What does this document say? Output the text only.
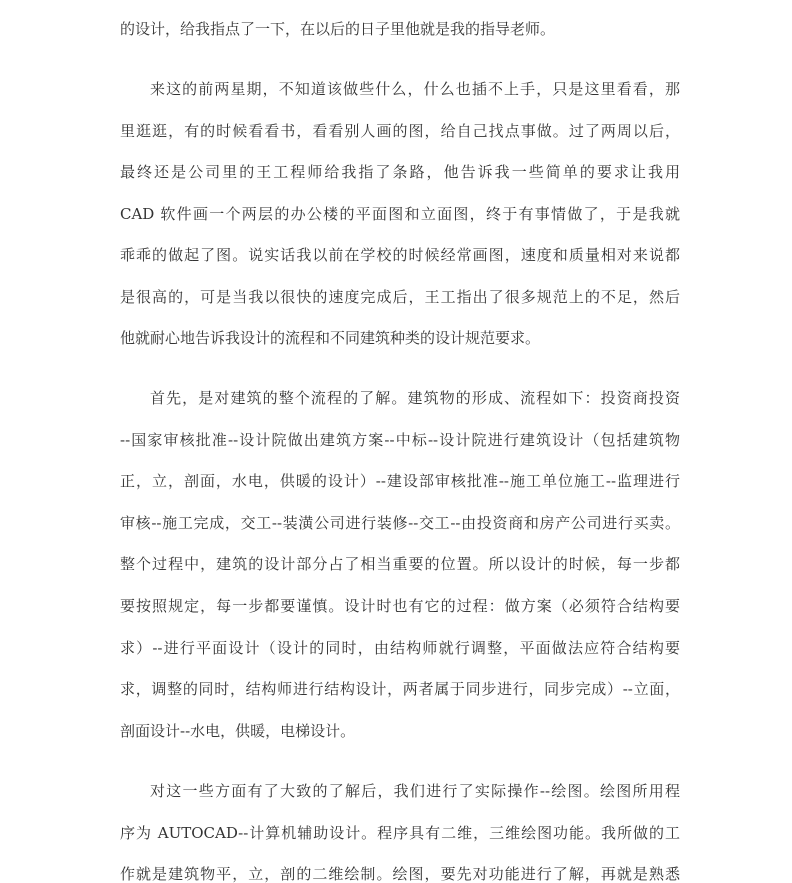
的设计，给我指点了一下，在以后的日子里他就是我的指导老师。
来这的前两星期，不知道该做些什么，什么也插不上手，只是这里看看，那
里逛逛，有的时候看看书，看看别人画的图，给自己找点事做。过了两周以后，
最终还是公司里的王工程师给我指了条路，他告诉我一些简单的要求让我用
CAD 软件画一个两层的办公楼的平面图和立面图，终于有事情做了，于是我就
乖乖的做起了图。说实话我以前在学校的时候经常画图，速度和质量相对来说都
是很高的，可是当我以很快的速度完成后，王工指出了很多规范上的不足，然后
他就耐心地告诉我设计的流程和不同建筑种类的设计规范要求。
首先，是对建筑的整个流程的了解。建筑物的形成、流程如下：投资商投资
--国家审核批准--设计院做出建筑方案--中标--设计院进行建筑设计（包括建筑物
正，立，剖面，水电，供暖的设计）--建设部审核批准--施工单位施工--监理进行
审核--施工完成，交工--装潢公司进行装修--交工--由投资商和房产公司进行买卖。
整个过程中，建筑的设计部分占了相当重要的位置。所以设计的时候，每一步都
要按照规定，每一步都要谨慎。设计时也有它的过程：做方案（必须符合结构要
求）--进行平面设计（设计的同时，由结构师就行调整，平面做法应符合结构要
求，调整的同时，结构师进行结构设计，两者属于同步进行，同步完成）--立面，
剖面设计--水电，供暖，电梯设计。
对这一些方面有了大致的了解后，我们进行了实际操作--绘图。绘图所用程
序为 AUTOCAD--计算机辅助设计。程序具有二维，三维绘图功能。我所做的工
作就是建筑物平，立，剖的二维绘制。绘图，要先对功能进行了解，再就是熟悉
